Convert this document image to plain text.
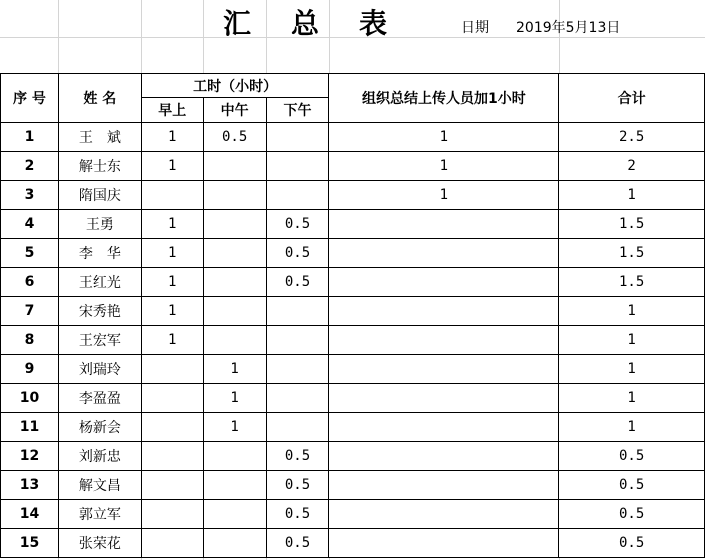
汇总表	日期 2019年5月13日
序 号	姓 名	工时（小时）			组织总结上传人员加1小时	合计
		早上	中午	下午		
1	王　斌	1	0.5		1	2.5
2	解士东	1			1	2
3	隋国庆				1	1
4	王勇	1		0.5		1.5
5	李　华	1		0.5		1.5
6	王红光	1		0.5		1.5
7	宋秀艳	1				1
8	王宏军	1				1
9	刘瑞玲		1			1
10	李盈盈		1			1
11	杨新会		1			1
12	刘新忠			0.5		0.5
13	解文昌			0.5		0.5
14	郭立军			0.5		0.5
15	张荣花			0.5		0.5
